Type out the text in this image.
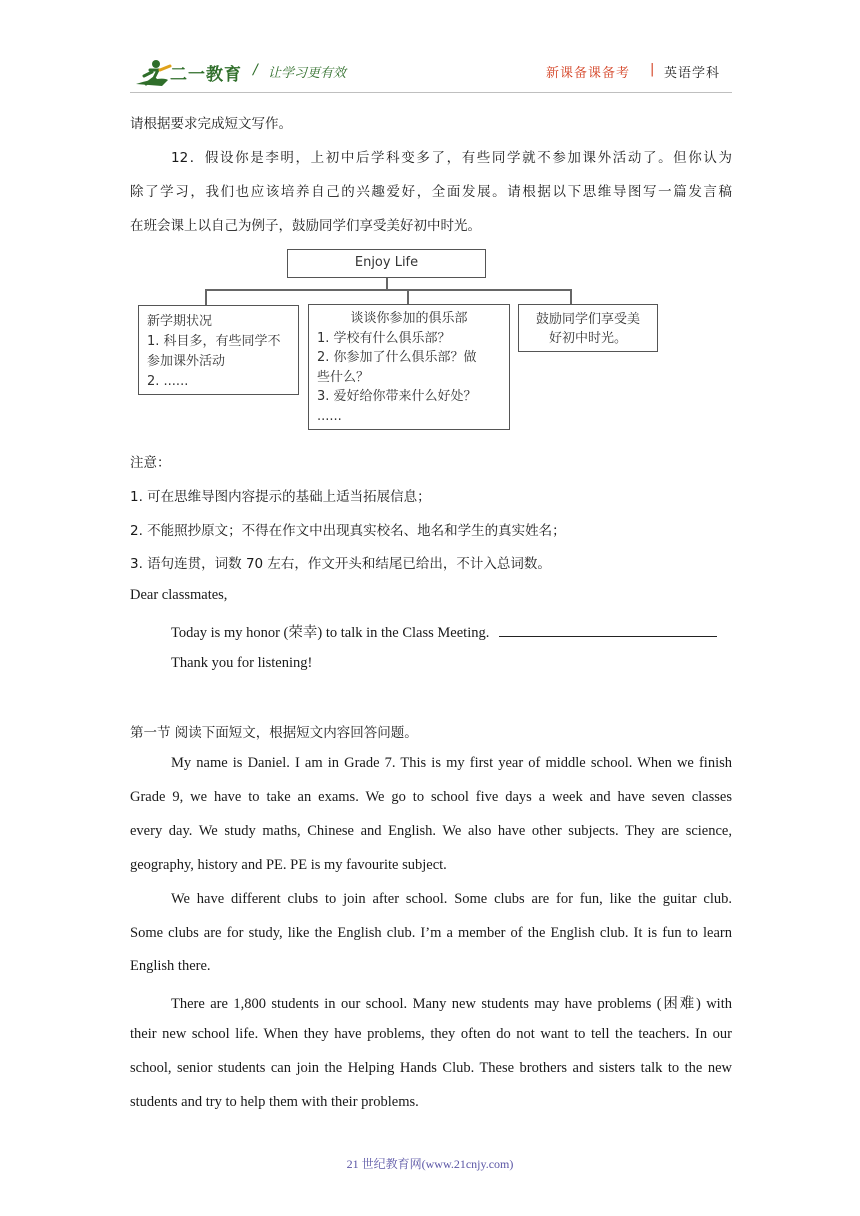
二一教育 / 让学习更有效	新课备课备考 | 英语学科
请根据要求完成短文写作。
12．假设你是李明，上初中后学科变多了，有些同学就不参加课外活动了。但你认为
除了学习，我们也应该培养自己的兴趣爱好，全面发展。请根据以下思维导图写一篇发言稿
在班会课上以自己为例子，鼓励同学们享受美好初中时光。
Enjoy Life
新学期状况
1. 科目多，有些同学不
参加课外活动
2. ......
谈谈你参加的俱乐部
1. 学校有什么俱乐部？
2. 你参加了什么俱乐部？做
些什么？
3. 爱好给你带来什么好处？
......
鼓励同学们享受美
好初中时光。
注意：
1. 可在思维导图内容提示的基础上适当拓展信息；
2. 不能照抄原文；不得在作文中出现真实校名、地名和学生的真实姓名；
3. 语句连贯，词数 70 左右，作文开头和结尾已给出，不计入总词数。
Dear classmates,
Today is my honor (荣幸) to talk in the Class Meeting.
Thank you for listening!
第一节 阅读下面短文，根据短文内容回答问题。
My name is Daniel. I am in Grade 7. This is my first year of middle school. When we finish
Grade 9, we have to take an exams. We go to school five days a week and have seven classes
every day. We study maths, Chinese and English. We also have other subjects. They are science,
geography, history and PE. PE is my favourite subject.
We have different clubs to join after school. Some clubs are for fun, like the guitar club.
Some clubs are for study, like the English club. I’m a member of the English club. It is fun to learn
English there.
There are 1,800 students in our school. Many new students may have problems (困难) with
their new school life. When they have problems, they often do not want to tell the teachers. In our
school, senior students can join the Helping Hands Club. These brothers and sisters talk to the new
students and try to help them with their problems.
21 世纪教育网(www.21cnjy.com)
